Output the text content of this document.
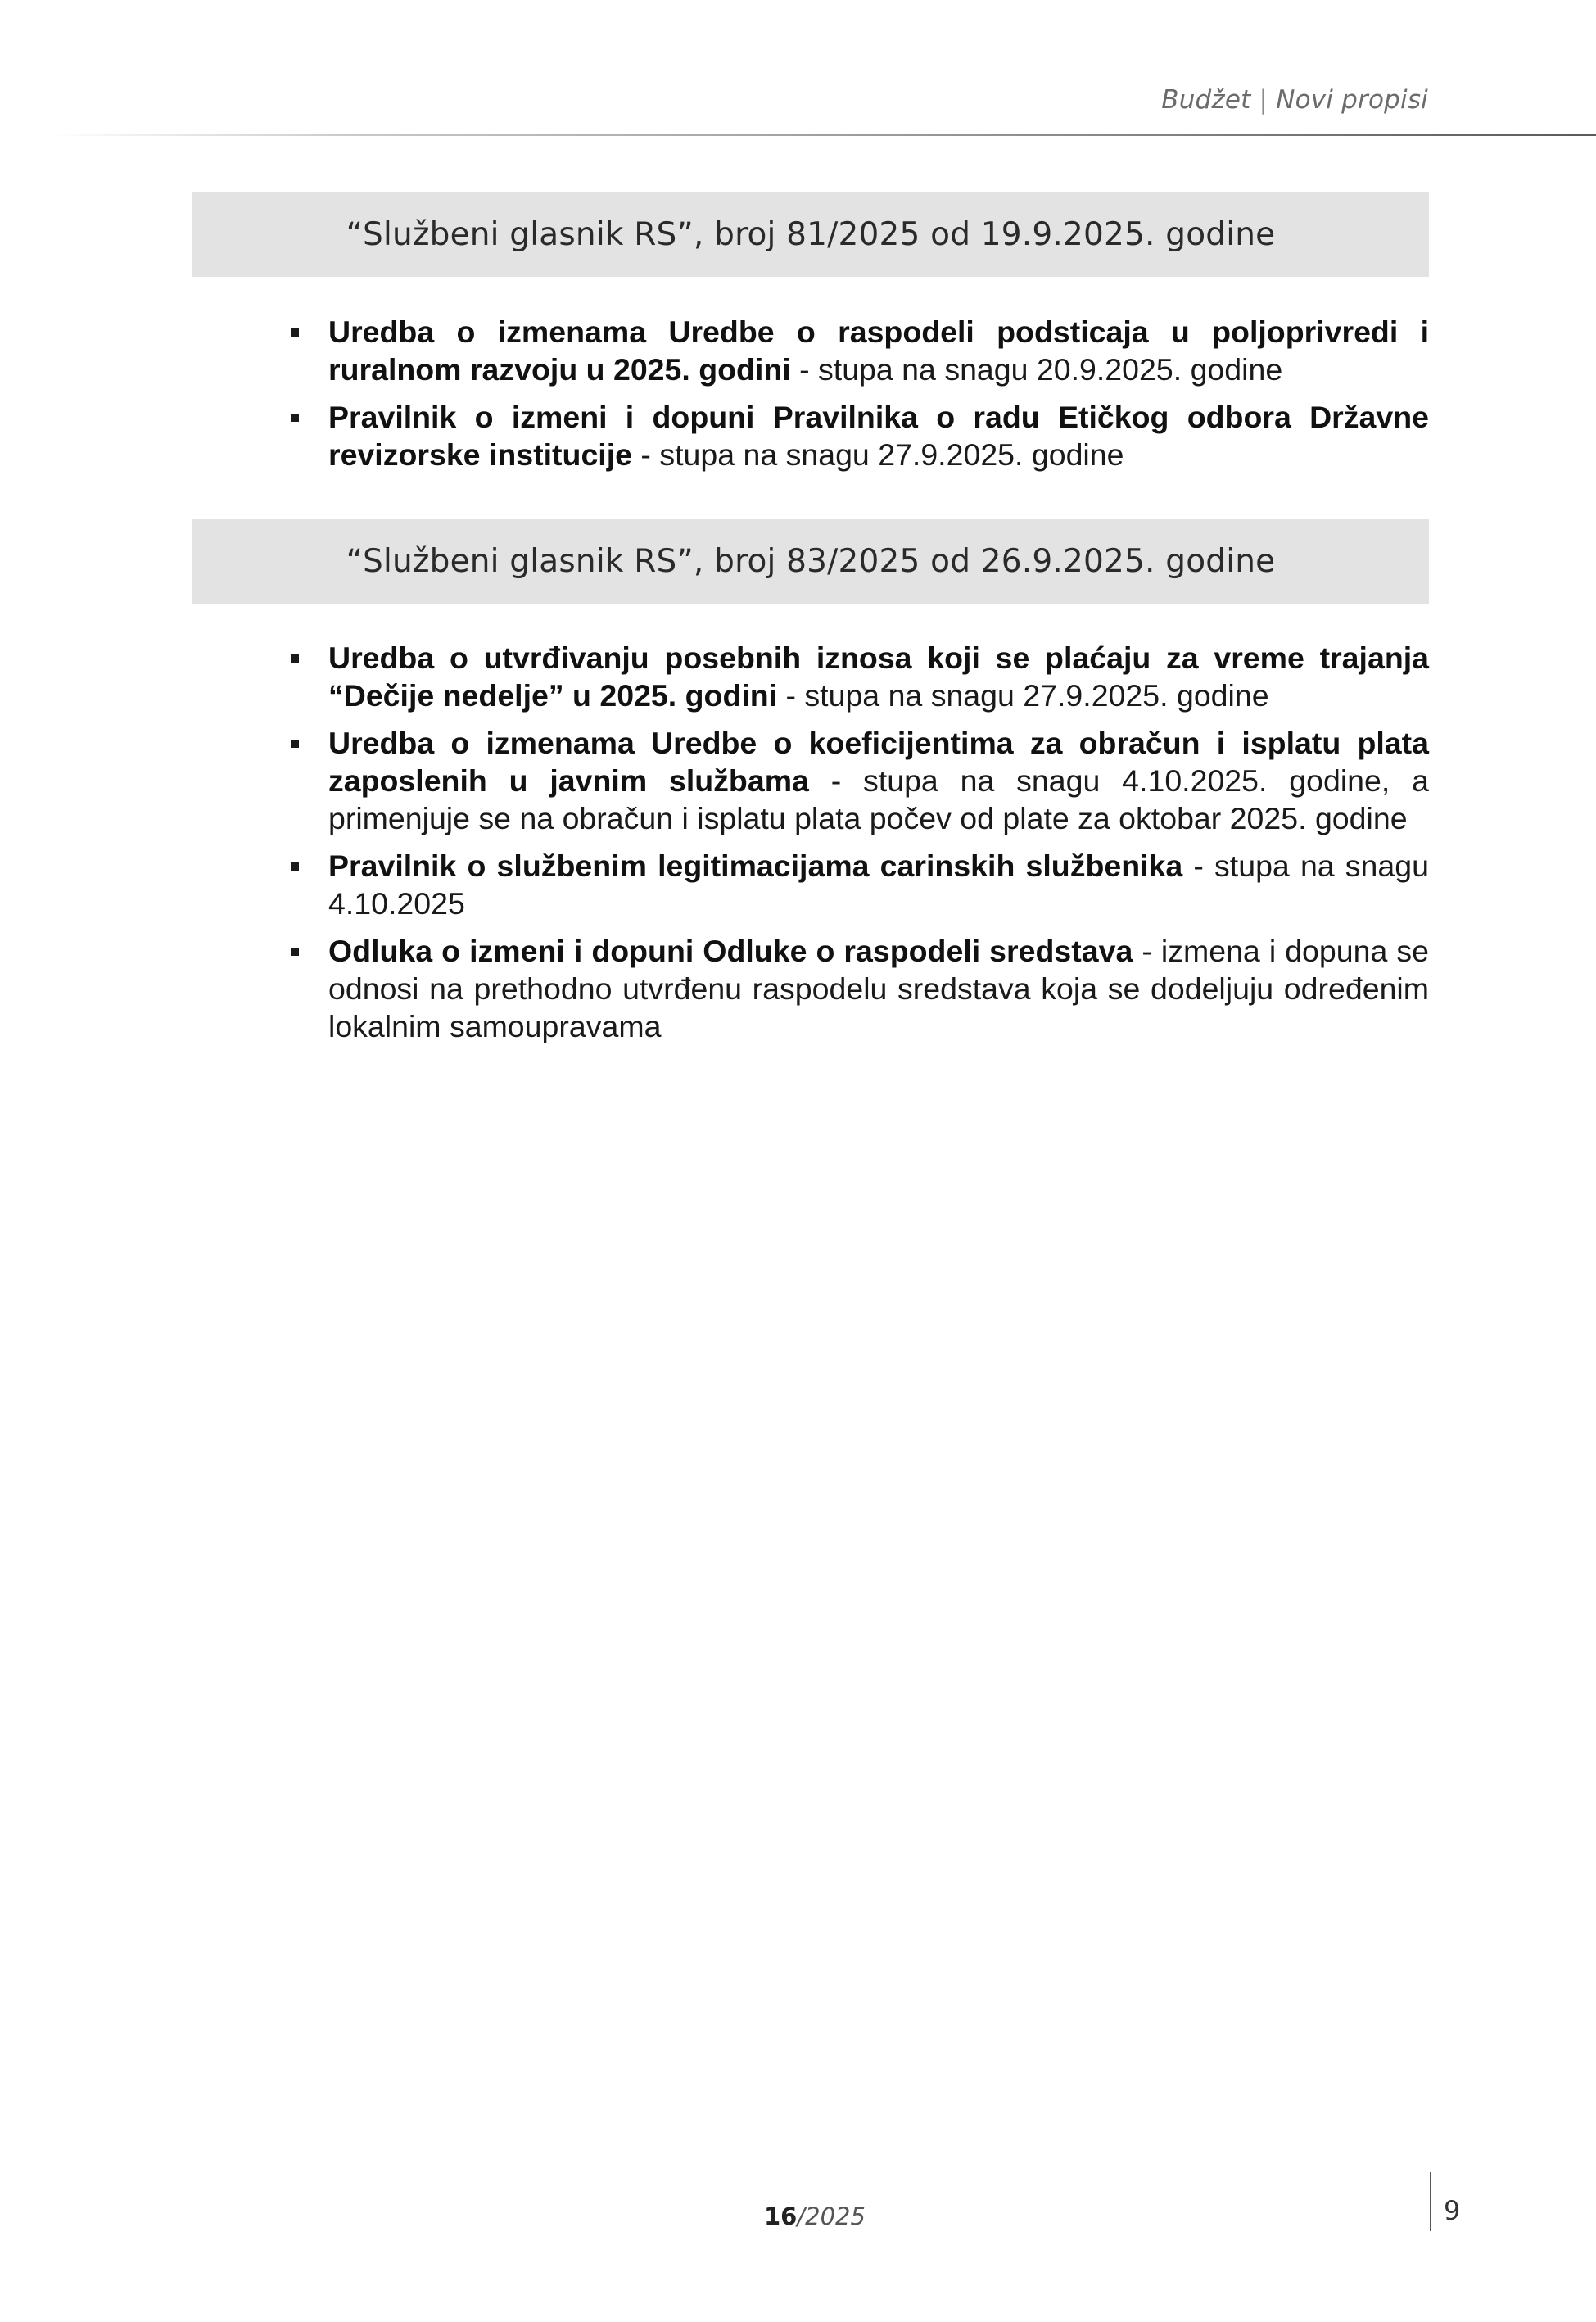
Budžet | Novi propisi
“Službeni glasnik RS”, broj 81/2025 od 19.9.2025. godine
Uredba o izmenama Uredbe o raspodeli podsticaja u poljoprivredi i ruralnom razvoju u 2025. godini - stupa na snagu 20.9.2025. godine
Pravilnik o izmeni i dopuni Pravilnika o radu Etičkog odbora Državne revizorske institucije - stupa na snagu 27.9.2025. godine
“Službeni glasnik RS”, broj 83/2025 od 26.9.2025. godine
Uredba o utvrđivanju posebnih iznosa koji se plaćaju za vreme trajanja “Dečije nedelje” u 2025. godini - stupa na snagu 27.9.2025. godine
Uredba o izmenama Uredbe o koeficijentima za obračun i isplatu plata zaposlenih u javnim službama - stupa na snagu 4.10.2025. godine, a primenjuje se na obračun i isplatu plata počev od plate za oktobar 2025. godine
Pravilnik o službenim legitimacijama carinskih službenika - stupa na snagu 4.10.2025
Odluka o izmeni i dopuni Odluke o raspodeli sredstava - izmena i dopuna se odnosi na prethodno utvrđenu raspodelu sredstava koja se dodeljuju određenim lokalnim samoupravama
16/2025	9
